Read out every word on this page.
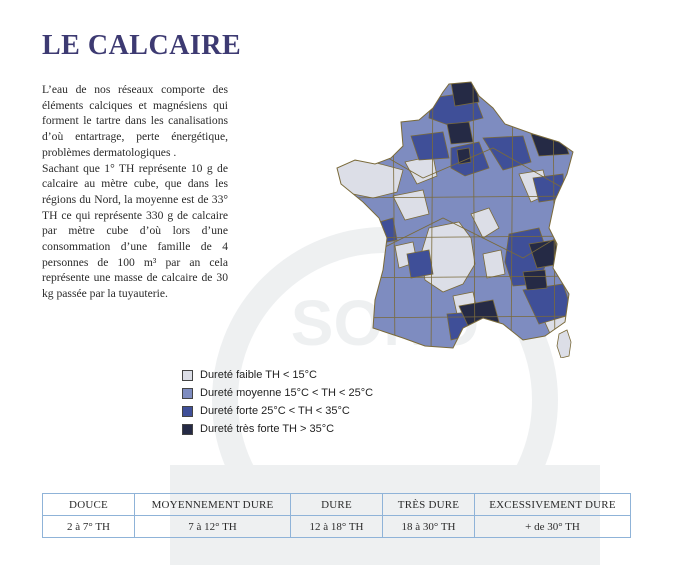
LE CALCAIRE

L’eau de nos réseaux comporte des éléments calciques et magnésiens qui forment le tartre dans les canalisations d’où entartrage, perte énergétique, problèmes dermatologiques .

Sachant que 1° TH représente 10 g de calcaire au mètre cube, que dans les régions du Nord, la moyenne est de 33° TH ce qui représente 330 g de calcaire par mètre cube d’où lors d’une consommation d’une famille de 4 personnes de 100 m³ par an cela représente une masse de calcaire de 30 kg passée par la tuyauterie.

Dureté faible TH < 15°C
Dureté moyenne 15°C < TH < 25°C
Dureté forte 25°C < TH < 35°C
Dureté très forte TH > 35°C
DOUCE	MOYENNEMENT DURE	DURE	TRÈS DURE	EXCESSIVEMENT DURE
2 à 7° TH	7 à 12° TH	12 à 18° TH	18 à 30° TH	+ de 30° TH
